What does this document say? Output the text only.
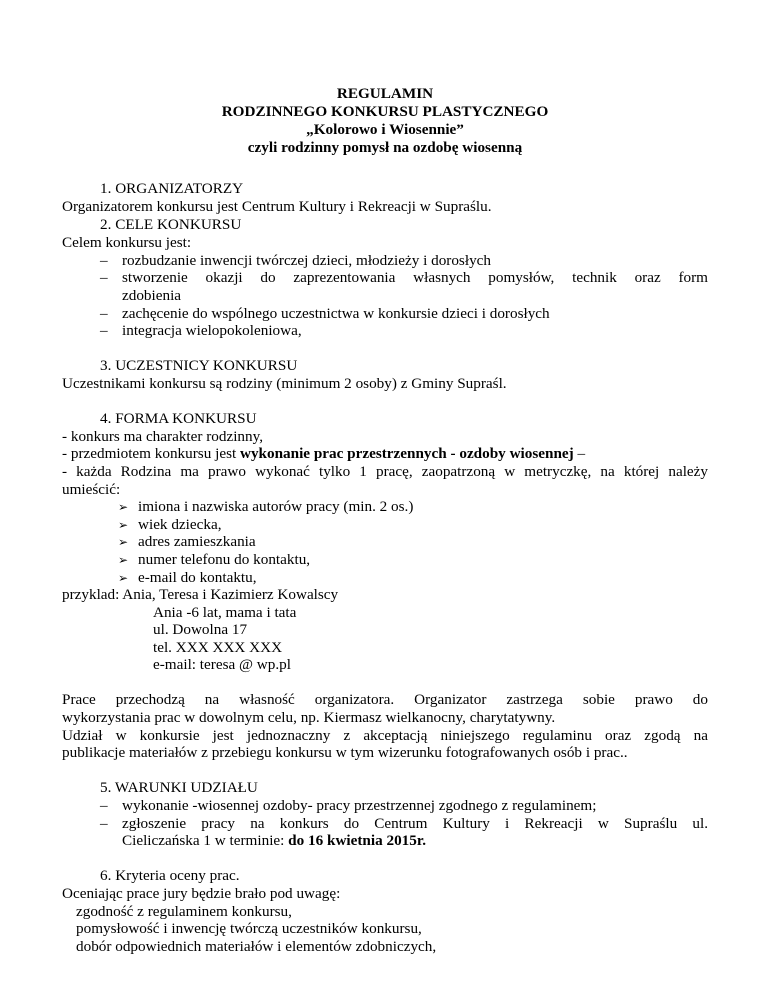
REGULAMIN
RODZINNEGO KONKURSU PLASTYCZNEGO
„Kolorowo i Wiosennie”
czyli rodzinny pomysł na ozdobę wiosenną
1. ORGANIZATORZY
Organizatorem konkursu jest Centrum Kultury i Rekreacji w Supraślu.
2. CELE KONKURSU
Celem konkursu jest:
– rozbudzanie inwencji twórczej dzieci, młodzieży i dorosłych
– stworzenie okazji do zaprezentowania własnych pomysłów, technik oraz form
zdobienia
– zachęcenie do wspólnego uczestnictwa w konkursie dzieci i dorosłych
– integracja wielopokoleniowa,
3. UCZESTNICY KONKURSU
Uczestnikami konkursu są rodziny (minimum 2 osoby) z Gminy Supraśl.
4. FORMA KONKURSU
- konkurs ma charakter rodzinny,
- przedmiotem konkursu jest wykonanie prac przestrzennych - ozdoby wiosennej –
- każda Rodzina ma prawo wykonać tylko 1 pracę, zaopatrzoną w metryczkę, na której należy
umieścić:
➢ imiona i nazwiska autorów pracy (min. 2 os.)
➢ wiek dziecka,
➢ adres zamieszkania
➢ numer telefonu do kontaktu,
➢ e-mail do kontaktu,
przyklad: Ania, Teresa i Kazimierz Kowalscy
Ania -6 lat, mama i tata
ul. Dowolna 17
tel. XXX XXX XXX
e-mail: teresa @ wp.pl
Prace przechodzą na własność organizatora. Organizator zastrzega sobie prawo do
wykorzystania prac w dowolnym celu, np. Kiermasz wielkanocny, charytatywny.
Udział w konkursie jest jednoznaczny z akceptacją niniejszego regulaminu oraz zgodą na
publikacje materiałów z przebiegu konkursu w tym wizerunku fotografowanych osób i prac..
5. WARUNKI UDZIAŁU
– wykonanie -wiosennej ozdoby- pracy przestrzennej zgodnego z regulaminem;
– zgłoszenie pracy na konkurs do Centrum Kultury i Rekreacji w Supraślu ul.
Cieliczańska 1 w terminie: do 16 kwietnia 2015r.
6. Kryteria oceny prac.
Oceniając prace jury będzie brało pod uwagę:
zgodność z regulaminem konkursu,
pomysłowość i inwencję twórczą uczestników konkursu,
dobór odpowiednich materiałów i elementów zdobniczych,
